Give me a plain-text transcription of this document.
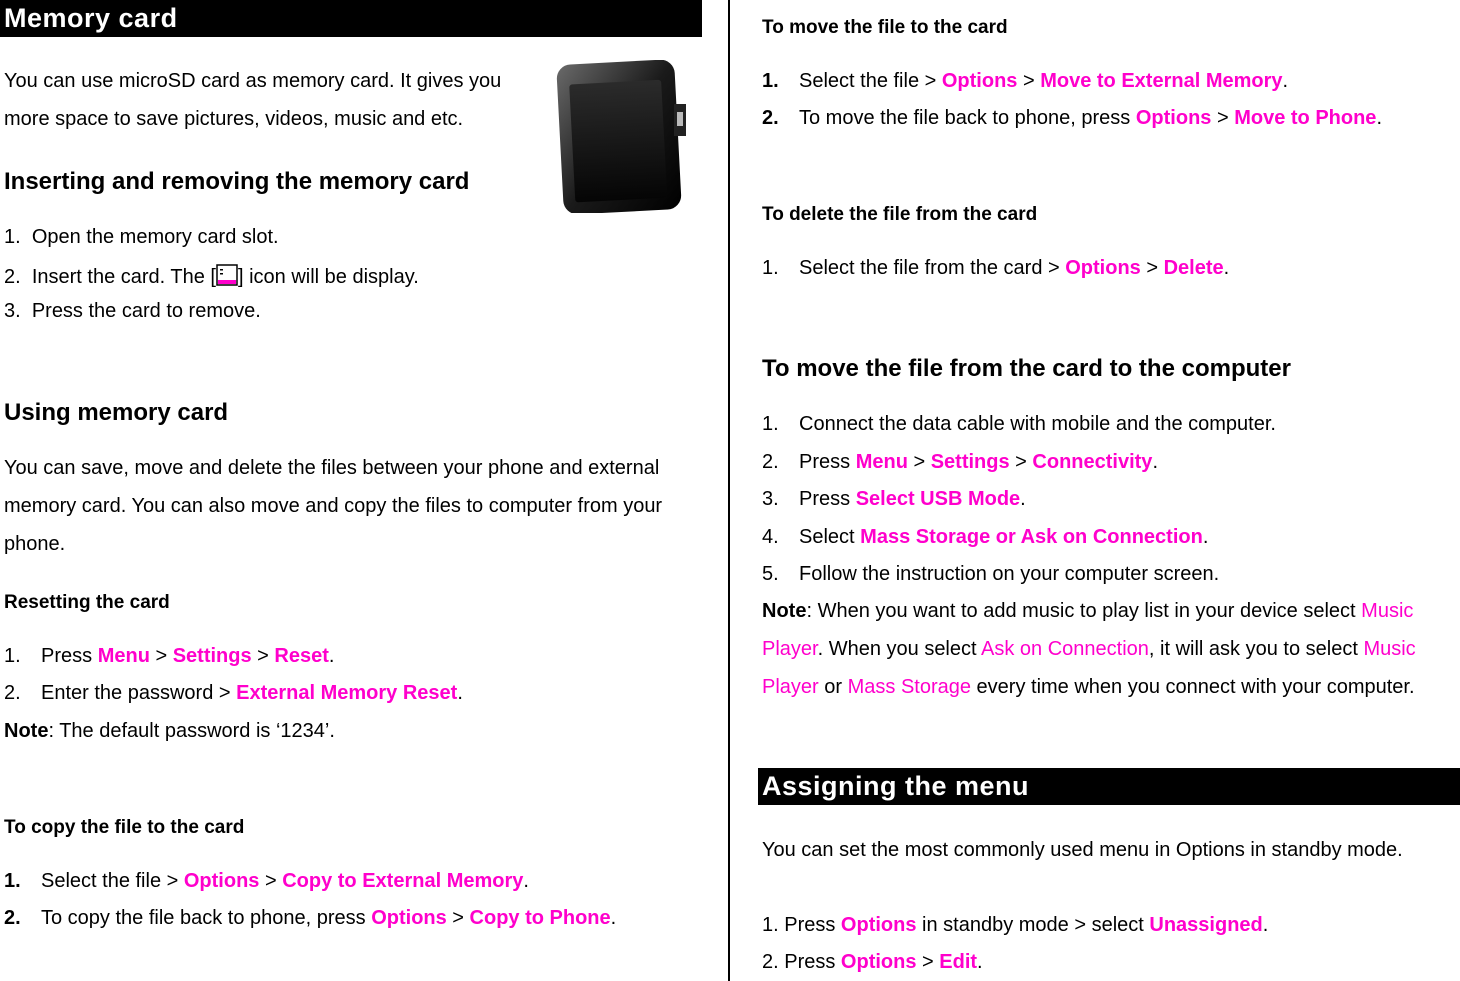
Memory card
You can use microSD card as memory card. It gives you more space to save pictures, videos, music and etc.
Inserting and removing the memory card
1. Open the memory card slot.
2. Insert the card. The [ ] icon will be display.
3. Press the card to remove.
Using memory card
You can save, move and delete the files between your phone and external memory card. You can also move and copy the files to computer from your phone.
Resetting the card
1. Press Menu > Settings > Reset.
2. Enter the password > External Memory Reset.
Note: The default password is ‘1234’.
To copy the file to the card
1. Select the file > Options > Copy to External Memory.
2. To copy the file back to phone, press Options > Copy to Phone.
To move the file to the card
1. Select the file > Options > Move to External Memory.
2. To move the file back to phone, press Options > Move to Phone.
To delete the file from the card
1. Select the file from the card > Options > Delete.
To move the file from the card to the computer
1. Connect the data cable with mobile and the computer.
2. Press Menu > Settings > Connectivity.
3. Press Select USB Mode.
4. Select Mass Storage or Ask on Connection.
5. Follow the instruction on your computer screen.
Note: When you want to add music to play list in your device select Music Player. When you select Ask on Connection, it will ask you to select Music Player or Mass Storage every time when you connect with your computer.
Assigning the menu
You can set the most commonly used menu in Options in standby mode.
1. Press Options in standby mode > select Unassigned.
2. Press Options > Edit.
